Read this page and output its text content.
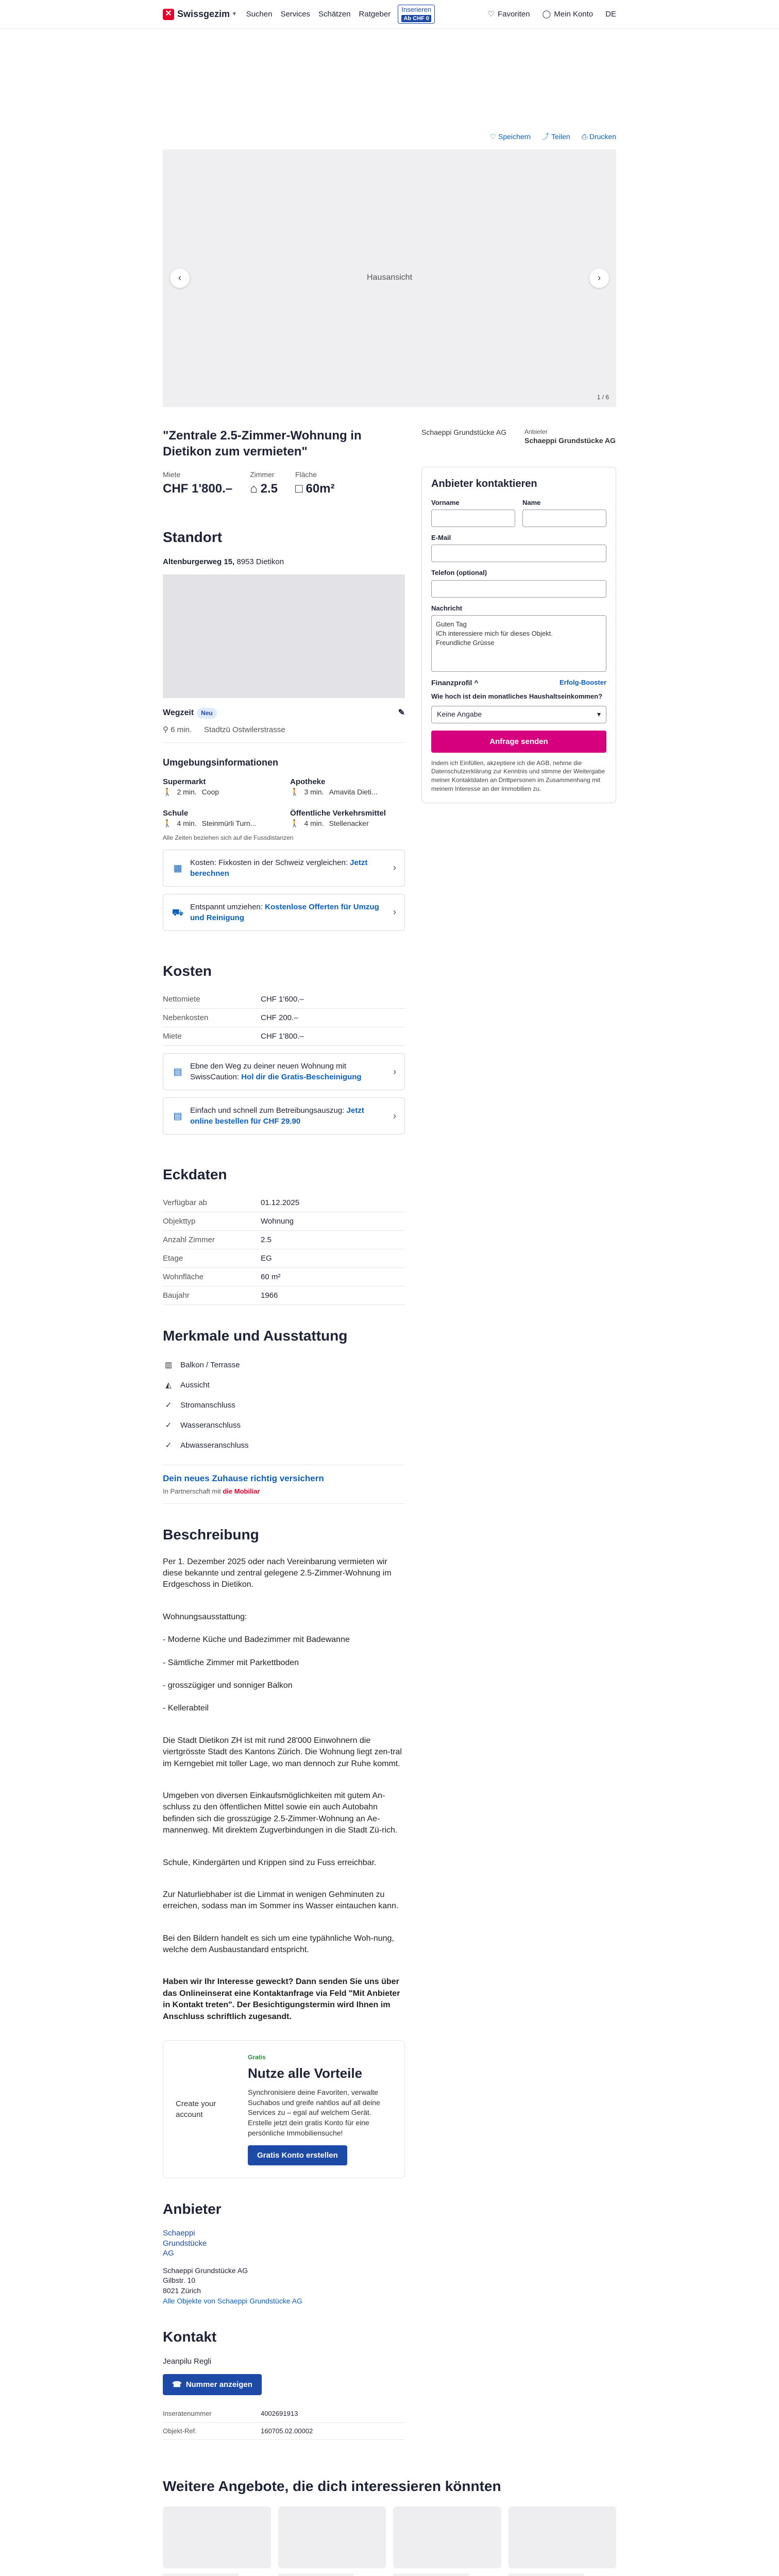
✕ Swissgezim ▾ Suchen Services Schätzen Ratgeber
Inserieren
Ab CHF 0	♡ Favoriten ◯ Mein Konto DE
♡ Speichern ⤴ Teilen ⎙ Drucken
‹	Hausansicht	›
1 / 6
"Zentrale 2.5-Zimmer-Wohnung in Dietikon zum vermieten"
Miete
CHF 1'800.–
Zimmer
⌂ 2.5
Fläche
□ 60m²
Standort
Altenburgerweg 15, 8953 Dietikon
Wegzeit Neu	✎
⚲ 6 min. Stadtzü Ostwilerstrasse
Umgebungsinformationen
Supermarkt
🚶 2 min. Coop
Apotheke
🚶 3 min. Amavita Dieti...
Schule
🚶 4 min. Steinmürli Turn...
Öffentliche Verkehrsmittel
🚶 4 min. Stellenacker
Alle Zeiten beziehen sich auf die Fussdistanzen
▦
Kosten: Fixkosten in der Schweiz vergleichen: Jetzt berechnen
›
⛟
Entspannt umziehen: Kostenlose Offerten für Umzug und Reinigung
›
Kosten
Nettomiete	CHF 1'600.–
Nebenkosten	CHF 200.–
Miete	CHF 1'800.–
▤
Ebne den Weg zu deiner neuen Wohnung mit SwissCaution: Hol dir die Gratis-Bescheinigung
›
▤
Einfach und schnell zum Betreibungsauszug: Jetzt online bestellen für CHF 29.90
›
Eckdaten
Verfügbar ab	01.12.2025
Objekttyp	Wohnung
Anzahl Zimmer	2.5
Etage	EG
Wohnfläche	60 m²
Baujahr	1966
Merkmale und Ausstattung
▥ Balkon / Terrasse
◭	Aussicht
✓	Stromanschluss
✓	Wasseranschluss
✓	Abwasseranschluss
Dein neues Zuhause richtig versichern
In Partnerschaft mit die Mobiliar
Beschreibung

Per 1. Dezember 2025 oder nach Vereinbarung vermieten wir diese bekannte und zentral gelegene 2.5-Zimmer-Wohnung im Erdgeschoss in Dietikon.

Wohnungsausstattung:

- Moderne Küche und Badezimmer mit Badewanne

- Sämtliche Zimmer mit Parkettboden

- grosszügiger und sonniger Balkon

- Kellerabteil

Die Stadt Dietikon ZH ist mit rund 28'000 Einwohnern die viertgrösste Stadt des Kantons Zürich. Die Wohnung liegt zen-tral im Kerngebiet mit toller Lage, wo man dennoch zur Ruhe kommt.

Umgeben von diversen Einkaufsmöglichkeiten mit gutem An-schluss zu den öffentlichen Mittel sowie ein auch Autobahn befinden sich die grosszügige 2.5-Zimmer-Wohnung an Ae-mannenweg. Mit direktem Zugverbindungen in die Stadt Zü-rich.

Schule, Kindergärten und Krippen sind zu Fuss erreichbar.

Zur Naturliebhaber ist die Limmat in wenigen Gehminuten zu erreichen, sodass man im Sommer ins Wasser eintauchen kann.

Bei den Bildern handelt es sich um eine typähnliche Woh-nung, welche dem Ausbaustandard entspricht.

Haben wir Ihr Interesse geweckt? Dann senden Sie uns über das Onlineinserat eine Kontaktanfrage via Feld "Mit Anbieter in Kontakt treten". Der Besichtigungstermin wird Ihnen im Anschluss schriftlich zugesandt.

Create your account
Gratis
Nutze alle Vorteile

Synchronisiere deine Favoriten, verwalte Suchabos und greife nahtlos auf all deine Services zu – egal auf welchem Gerät. Erstelle jetzt dein gratis Konto für eine persönliche Immobiliensuche!

Gratis Konto erstellen
Anbieter
Schaeppi
Grundstücke
AG
Schaeppi Grundstücke AG
Gilbstr. 10
8021 Zürich
Alle Objekte von Schaeppi Grundstücke AG
Kontakt
Jeanpilu Regli
☎ Nummer anzeigen
Inseratenummer	4002691913
Objekt-Ref.	160705.02.00002
Schaeppi Grundstücke AG	Anbieter
Schaeppi Grundstücke AG
Anbieter kontaktieren
Vorname	Name
E-Mail
Telefon (optional)
Nachricht
Guten Tag
ICh interessiere mich für dieses Objekt.
Freundliche Grüsse
Finanzprofil ^	Erfolg-Booster
Wie hoch ist dein monatliches Haushaltseinkommen?
Keine Angabe	▾
Anfrage senden
Indem ich Einfüllen, akzeptiere ich die AGB, nehme die Datenschutzerklärung zur Kenntnis und stimme der Weitergabe meiner Kontaktdaten an Drittpersonen im Zusammenhang mit meinem Interesse an der Immobilien zu.
Weitere Angebote, die dich interessieren könnten
